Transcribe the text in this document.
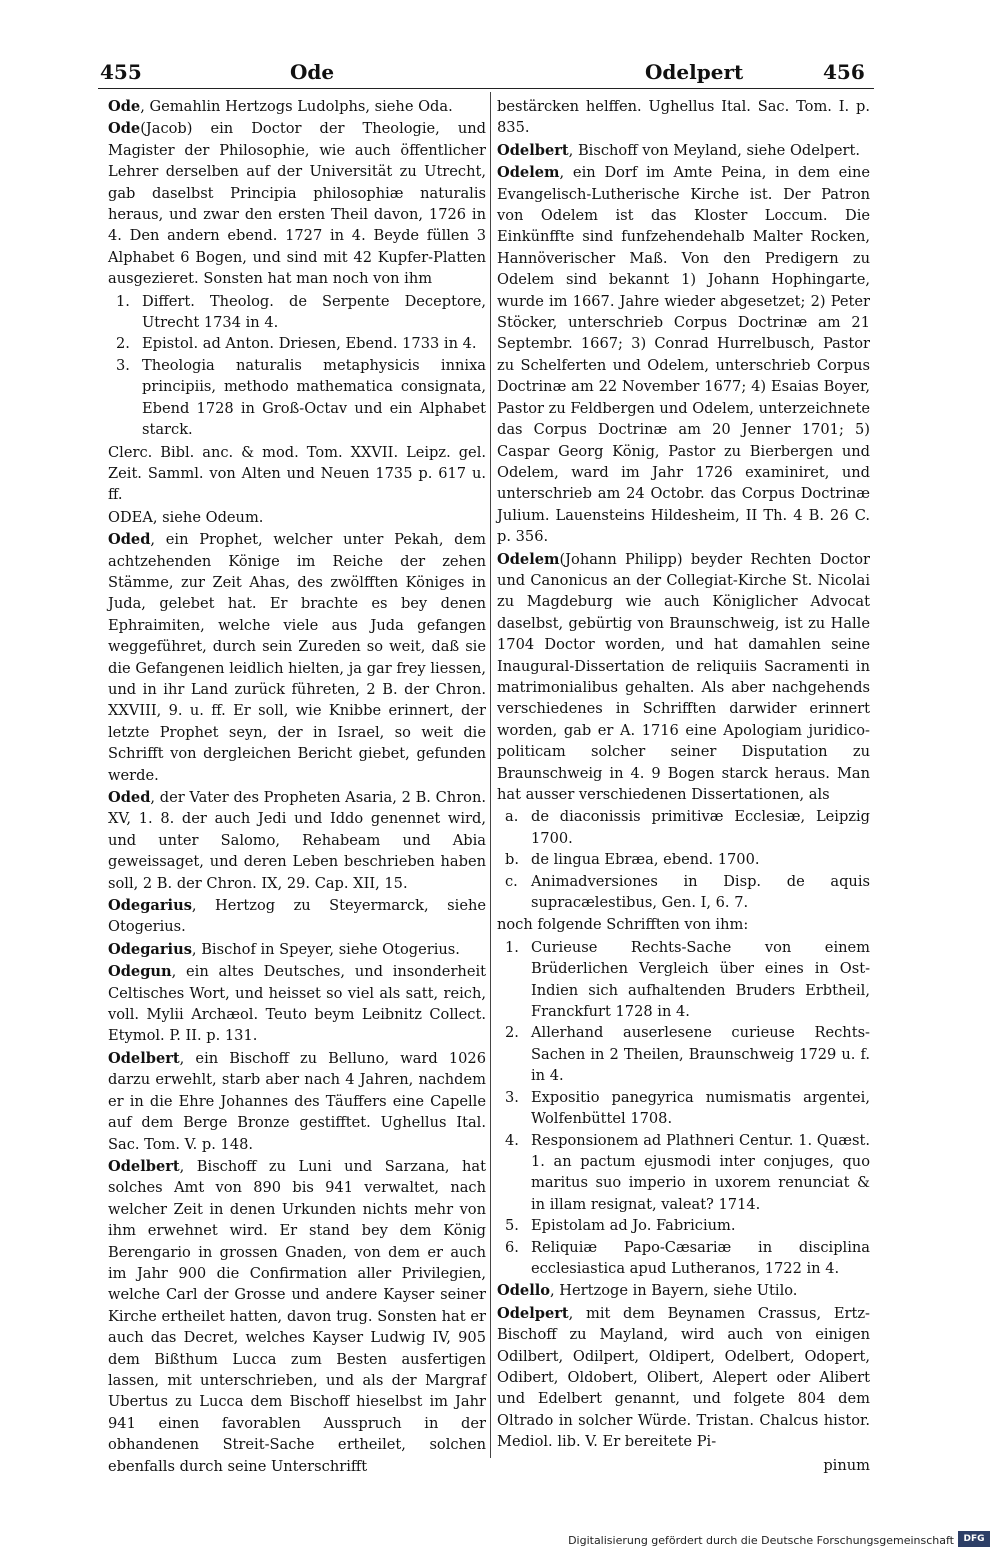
455	Ode	Odelpert	456
Ode, Gemahlin Hertzogs Ludolphs, siehe Oda.
Ode(Jacob) ein Doctor der Theologie, und Magister der Philosophie, wie auch öffentlicher Lehrer derselben auf der Universität zu Utrecht, gab daselbst Principia philosophiæ naturalis heraus, und zwar den ersten Theil davon, 1726 in 4. Den andern ebend. 1727 in 4. Beyde füllen 3 Alphabet 6 Bogen, und sind mit 42 Kupfer-Platten ausgezieret. Sonsten hat man noch von ihm
1. Differt. Theolog. de Serpente Deceptore, Utrecht 1734 in 4.
2. Epistol. ad Anton. Driesen, Ebend. 1733 in 4.
3. Theologia naturalis metaphysicis innixa principiis, methodo mathematica consignata, Ebend 1728 in Groß-Octav und ein Alphabet starck.
Clerc. Bibl. anc. & mod. Tom. XXVII. Leipz. gel. Zeit. Samml. von Alten und Neuen 1735 p. 617 u. ff.
ODEA, siehe Odeum.
Oded, ein Prophet, welcher unter Pekah, dem achtzehenden Könige im Reiche der zehen Stämme, zur Zeit Ahas, des zwölfften Königes in Juda, gelebet hat. Er brachte es bey denen Ephraimiten, welche viele aus Juda gefangen weggeführet, durch sein Zureden so weit, daß sie die Gefangenen leidlich hielten, ja gar frey liessen, und in ihr Land zurück führeten, 2 B. der Chron. XXVIII, 9. u. ff. Er soll, wie Knibbe erinnert, der letzte Prophet seyn, der in Israel, so weit die Schrifft von dergleichen Bericht giebet, gefunden werde.
Oded, der Vater des Propheten Asaria, 2 B. Chron. XV, 1. 8. der auch Jedi und Iddo genennet wird, und unter Salomo, Rehabeam und Abia geweissaget, und deren Leben beschrieben haben soll, 2 B. der Chron. IX, 29. Cap. XII, 15.
Odegarius, Hertzog zu Steyermarck, siehe Otogerius.
Odegarius, Bischof in Speyer, siehe Otogerius.
Odegun, ein altes Deutsches, und insonderheit Celtisches Wort, und heisset so viel als satt, reich, voll. Mylii Archæol. Teuto beym Leibnitz Collect. Etymol. P. II. p. 131.
Odelbert, ein Bischoff zu Belluno, ward 1026 darzu erwehlt, starb aber nach 4 Jahren, nachdem er in die Ehre Johannes des Täuffers eine Capelle auf dem Berge Bronze gestifftet. Ughellus Ital. Sac. Tom. V. p. 148.
Odelbert, Bischoff zu Luni und Sarzana, hat solches Amt von 890 bis 941 verwaltet, nach welcher Zeit in denen Urkunden nichts mehr von ihm erwehnet wird. Er stand bey dem König Berengario in grossen Gnaden, von dem er auch im Jahr 900 die Confirmation aller Privilegien, welche Carl der Grosse und andere Kayser seiner Kirche ertheilet hatten, davon trug. Sonsten hat er auch das Decret, welches Kayser Ludwig IV, 905 dem Bißthum Lucca zum Besten ausfertigen lassen, mit unterschrieben, und als der Margraf Ubertus zu Lucca dem Bischoff hieselbst im Jahr 941 einen favorablen Ausspruch in der obhandenen Streit-Sache ertheilet, solchen ebenfalls durch seine Unterschrifft
bestärcken helffen. Ughellus Ital. Sac. Tom. I. p. 835.
Odelbert, Bischoff von Meyland, siehe Odelpert.
Odelem, ein Dorf im Amte Peina, in dem eine Evangelisch-Lutherische Kirche ist. Der Patron von Odelem ist das Kloster Loccum. Die Einkünffte sind funfzehendehalb Malter Rocken, Hannöverischer Maß. Von den Predigern zu Odelem sind bekannt 1) Johann Hophingarte, wurde im 1667. Jahre wieder abgesetzet; 2) Peter Stöcker, unterschrieb Corpus Doctrinæ am 21 Septembr. 1667; 3) Conrad Hurrelbusch, Pastor zu Schelferten und Odelem, unterschrieb Corpus Doctrinæ am 22 November 1677; 4) Esaias Boyer, Pastor zu Feldbergen und Odelem, unterzeichnete das Corpus Doctrinæ am 20 Jenner 1701; 5) Caspar Georg König, Pastor zu Bierbergen und Odelem, ward im Jahr 1726 examiniret, und unterschrieb am 24 Octobr. das Corpus Doctrinæ Julium. Lauensteins Hildesheim, II Th. 4 B. 26 C. p. 356.
Odelem(Johann Philipp) beyder Rechten Doctor und Canonicus an der Collegiat-Kirche St. Nicolai zu Magdeburg wie auch Königlicher Advocat daselbst, gebürtig von Braunschweig, ist zu Halle 1704 Doctor worden, und hat damahlen seine Inaugural-Dissertation de reliquiis Sacramenti in matrimonialibus gehalten. Als aber nachgehends verschiedenes in Schrifften darwider erinnert worden, gab er A. 1716 eine Apologiam juridico-politicam solcher seiner Disputation zu Braunschweig in 4. 9 Bogen starck heraus. Man hat ausser verschiedenen Dissertationen, als
a. de diaconissis primitivæ Ecclesiæ, Leipzig 1700.
b. de lingua Ebræa, ebend. 1700.
c. Animadversiones in Disp. de aquis supracælestibus, Gen. I, 6. 7.
noch folgende Schrifften von ihm:
1. Curieuse Rechts-Sache von einem Brüderlichen Vergleich über eines in Ost-Indien sich aufhaltenden Bruders Erbtheil, Franckfurt 1728 in 4.
2. Allerhand auserlesene curieuse Rechts-Sachen in 2 Theilen, Braunschweig 1729 u. f. in 4.
3. Expositio panegyrica numismatis argentei, Wolfenbüttel 1708.
4. Responsionem ad Plathneri Centur. 1. Quæst. 1. an pactum ejusmodi inter conjuges, quo maritus suo imperio in uxorem renunciat & in illam resignat, valeat? 1714.
5. Epistolam ad Jo. Fabricium.
6. Reliquiæ Papo-Cæsariæ in disciplina ecclesiastica apud Lutheranos, 1722 in 4.
Odello, Hertzoge in Bayern, siehe Utilo.
Odelpert, mit dem Beynamen Crassus, Ertz-Bischoff zu Mayland, wird auch von einigen Odilbert, Odilpert, Oldipert, Odelbert, Odopert, Odibert, Oldobert, Olibert, Alepert oder Alibert und Edelbert genannt, und folgete 804 dem Oltrado in solcher Würde. Tristan. Chalcus histor. Mediol. lib. V. Er bereitete Pi-
pinum
Digitalisierung gefördert durch die Deutsche Forschungsgemeinschaft	DFG
